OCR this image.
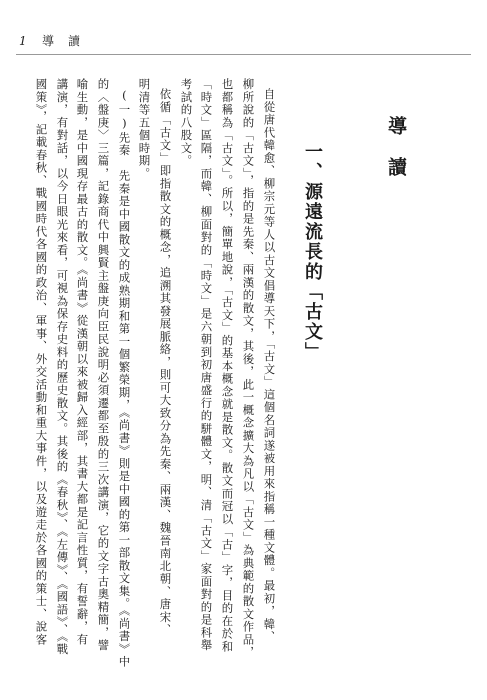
1 導讀
導讀
一、源遠流長的「古文」
自從唐代韓愈、柳宗元等人以古文倡導天下，「古文」這個名詞遂被用來指稱一種文體。最初，韓、
柳所說的「古文」，指的是先秦、兩漢的散文，其後，此一概念擴大為凡以「古文」為典範的散文作品，
也都稱為「古文」。所以，簡單地說，「古文」的基本概念就是散文。散文而冠以「古」字，目的在於和
「時文」區隔，而韓、柳面對的「時文」是六朝到初唐盛行的駢體文，明、清「古文」家面對的是科舉
考試的八股文。
依循「古文」即指散文的概念，追溯其發展脈絡，則可大致分為先秦、兩漢、魏晉南北朝、唐宋、
明清等五個時期。
(一)先秦　先秦是中國散文的成熟期和第一個繁榮期，《尚書》則是中國的第一部散文集。《尚書》中
的〈盤庚〉三篇，記錄商代中興賢主盤庚向臣民說明必須遷都至殷的三次講演，它的文字古奧精簡，譬
喻生動，是中國現存最古的散文。《尚書》從漢朝以來被歸入經部，其書大都是記言性質，有誓辭，有
講演，有對話，以今日眼光來看，可視為保存史料的歷史散文。其後的《春秋》、《左傳》、《國語》、《戰
國策》，記載春秋、戰國時代各國的政治、軍事、外交活動和重大事件，以及遊走於各國的策士、說客
